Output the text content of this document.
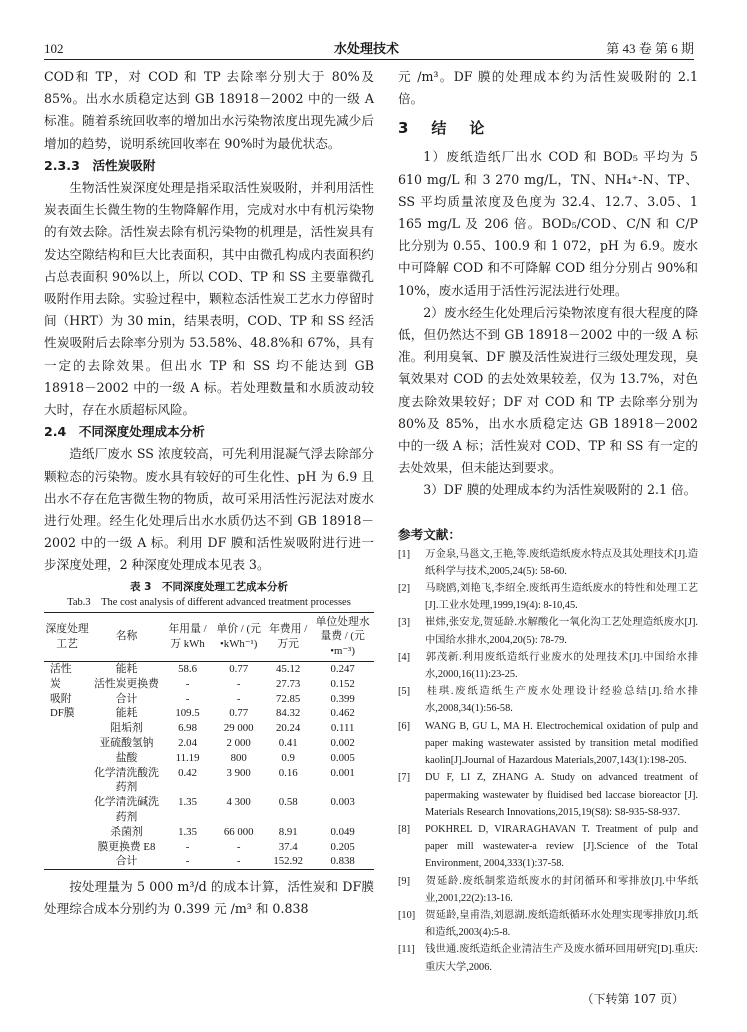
102	水处理技术	第 43 卷 第 6 期

COD和 TP，对 COD 和 TP 去除率分别大于 80%及 85%。出水水质稳定达到 GB 18918－2002 中的一级 A 标准。随着系统回收率的增加出水污染物浓度出现先减少后增加的趋势，说明系统回收率在 90%时为最优状态。

2.3.3　活性炭吸附

生物活性炭深度处理是指采取活性炭吸附，并利用活性炭表面生长微生物的生物降解作用，完成对水中有机污染物的有效去除。活性炭去除有机污染物的机理是，活性炭具有发达空隙结构和巨大比表面积，其中由微孔构成内表面积约占总表面积 90%以上，所以 COD、TP 和 SS 主要靠微孔吸附作用去除。实验过程中，颗粒态活性炭工艺水力停留时间（HRT）为 30 min，结果表明，COD、TP 和 SS 经活性炭吸附后去除率分别为 53.58%、48.8%和 67%，具有一定的去除效果。但出水 TP 和 SS 均不能达到 GB 18918－2002 中的一级 A 标。若处理数量和水质波动较大时，存在水质超标风险。

2.4　不同深度处理成本分析

造纸厂废水 SS 浓度较高，可先利用混凝气浮去除部分颗粒态的污染物。废水具有较好的可生化性、pH 为 6.9 且出水不存在危害微生物的物质，故可采用活性污泥法对废水进行处理。经生化处理后出水水质仍达不到 GB 18918－2002 中的一级 A 标。利用 DF 膜和活性炭吸附进行进一步深度处理，2 种深度处理成本见表 3。

表 3　不同深度处理工艺成本分析
Tab.3　The cost analysis of different advanced treatment processes
深度处理工艺	名称	年用量 / 万 kWh	单价 / (元•kWh⁻¹)	年费用 / 万元	单位处理水量费 / (元•m⁻³)
活性	能耗	58.6	0.77	45.12	0.247
炭	活性炭更换费	-	-	27.73	0.152
吸附	合计	-	-	72.85	0.399
DF膜	能耗	109.5	0.77	84.32	0.462
	阻垢剂	6.98	29 000	20.24	0.111
	亚硫酸氢钠	2.04	2 000	0.41	0.002
	盐酸	11.19	800	0.9	0.005
	化学清洗酸洗药剂	0.42	3 900	0.16	0.001
	化学清洗碱洗药剂	1.35	4 300	0.58	0.003
	杀菌剂	1.35	66 000	8.91	0.049
	膜更换费 E8	-	-	37.4	0.205
	合计	-	-	152.92	0.838

按处理量为 5 000 m³/d 的成本计算，活性炭和 DF膜处理综合成本分别约为 0.399 元 /m³ 和 0.838

元 /m³。DF 膜的处理成本约为活性炭吸附的 2.1 倍。

3　结　论

1）废纸造纸厂出水 COD 和 BOD₅ 平均为 5 610 mg/L 和 3 270 mg/L，TN、NH₄⁺-N、TP、SS 平均质量浓度及色度为 32.4、12.7、3.05、1 165 mg/L 及 206 倍。BOD₅/COD、C/N 和 C/P 比分别为 0.55、100.9 和 1 072，pH 为 6.9。废水中可降解 COD 和不可降解 COD 组分分别占 90%和 10%，废水适用于活性污泥法进行处理。

2）废水经生化处理后污染物浓度有很大程度的降低，但仍然达不到 GB 18918－2002 中的一级 A 标准。利用臭氧、DF 膜及活性炭进行三级处理发现，臭氧效果对 COD 的去处效果较差，仅为 13.7%，对色度去除效果较好；DF 对 COD 和 TP 去除率分别为 80%及 85%，出水水质稳定达 GB 18918－2002 中的一级 A 标；活性炭对 COD、TP 和 SS 有一定的去处效果，但未能达到要求。

3）DF 膜的处理成本约为活性炭吸附的 2.1 倍。

参考文献：
[1] 万金泉,马邕文,王艳,等.废纸造纸废水特点及其处理技术[J].造纸科学与技术,2005,24(5): 58-60.
[2] 马晓鸥,刘艳飞,李绍全.废纸再生造纸废水的特性和处理工艺[J].工业水处理,1999,19(4): 8-10,45.
[3] 崔炜,张安龙,贺延龄.水解酸化一氧化沟工艺处理造纸废水[J].中国给水排水,2004,20(5): 78-79.
[4] 郭茂新.利用废纸造纸行业废水的处理技术[J].中国给水排水,2000,16(11):23-25.
[5] 桂琪.废纸造纸生产废水处理设计经验总结[J].给水排水,2008,34(1):56-58.
[6] WANG B, GU L, MA H. Electrochemical oxidation of pulp and paper making wastewater assisted by transition metal modified kaolin[J].Journal of Hazardous Materials,2007,143(1):198-205.
[7] DU F, LI Z, ZHANG A. Study on advanced treatment of papermaking wastewater by fluidised bed laccase bioreactor [J]. Materials Research Innovations,2015,19(S8): S8-935-S8-937.
[8] POKHREL D, VIRARAGHAVAN T. Treatment of pulp and paper mill wastewater-a review [J].Science of the Total Environment, 2004,333(1):37-58.
[9] 贺延龄.废纸制浆造纸废水的封闭循环和零排放[J].中华纸业,2001,22(2):13-16.
[10] 贺延龄,皇甫浩,刘恩湖.废纸造纸循环水处理实现零排放[J].纸和造纸,2003(4):5-8.
[11] 钱世通.废纸造纸企业清洁生产及废水循环回用研究[D].重庆:重庆大学,2006.
（下转第 107 页）
